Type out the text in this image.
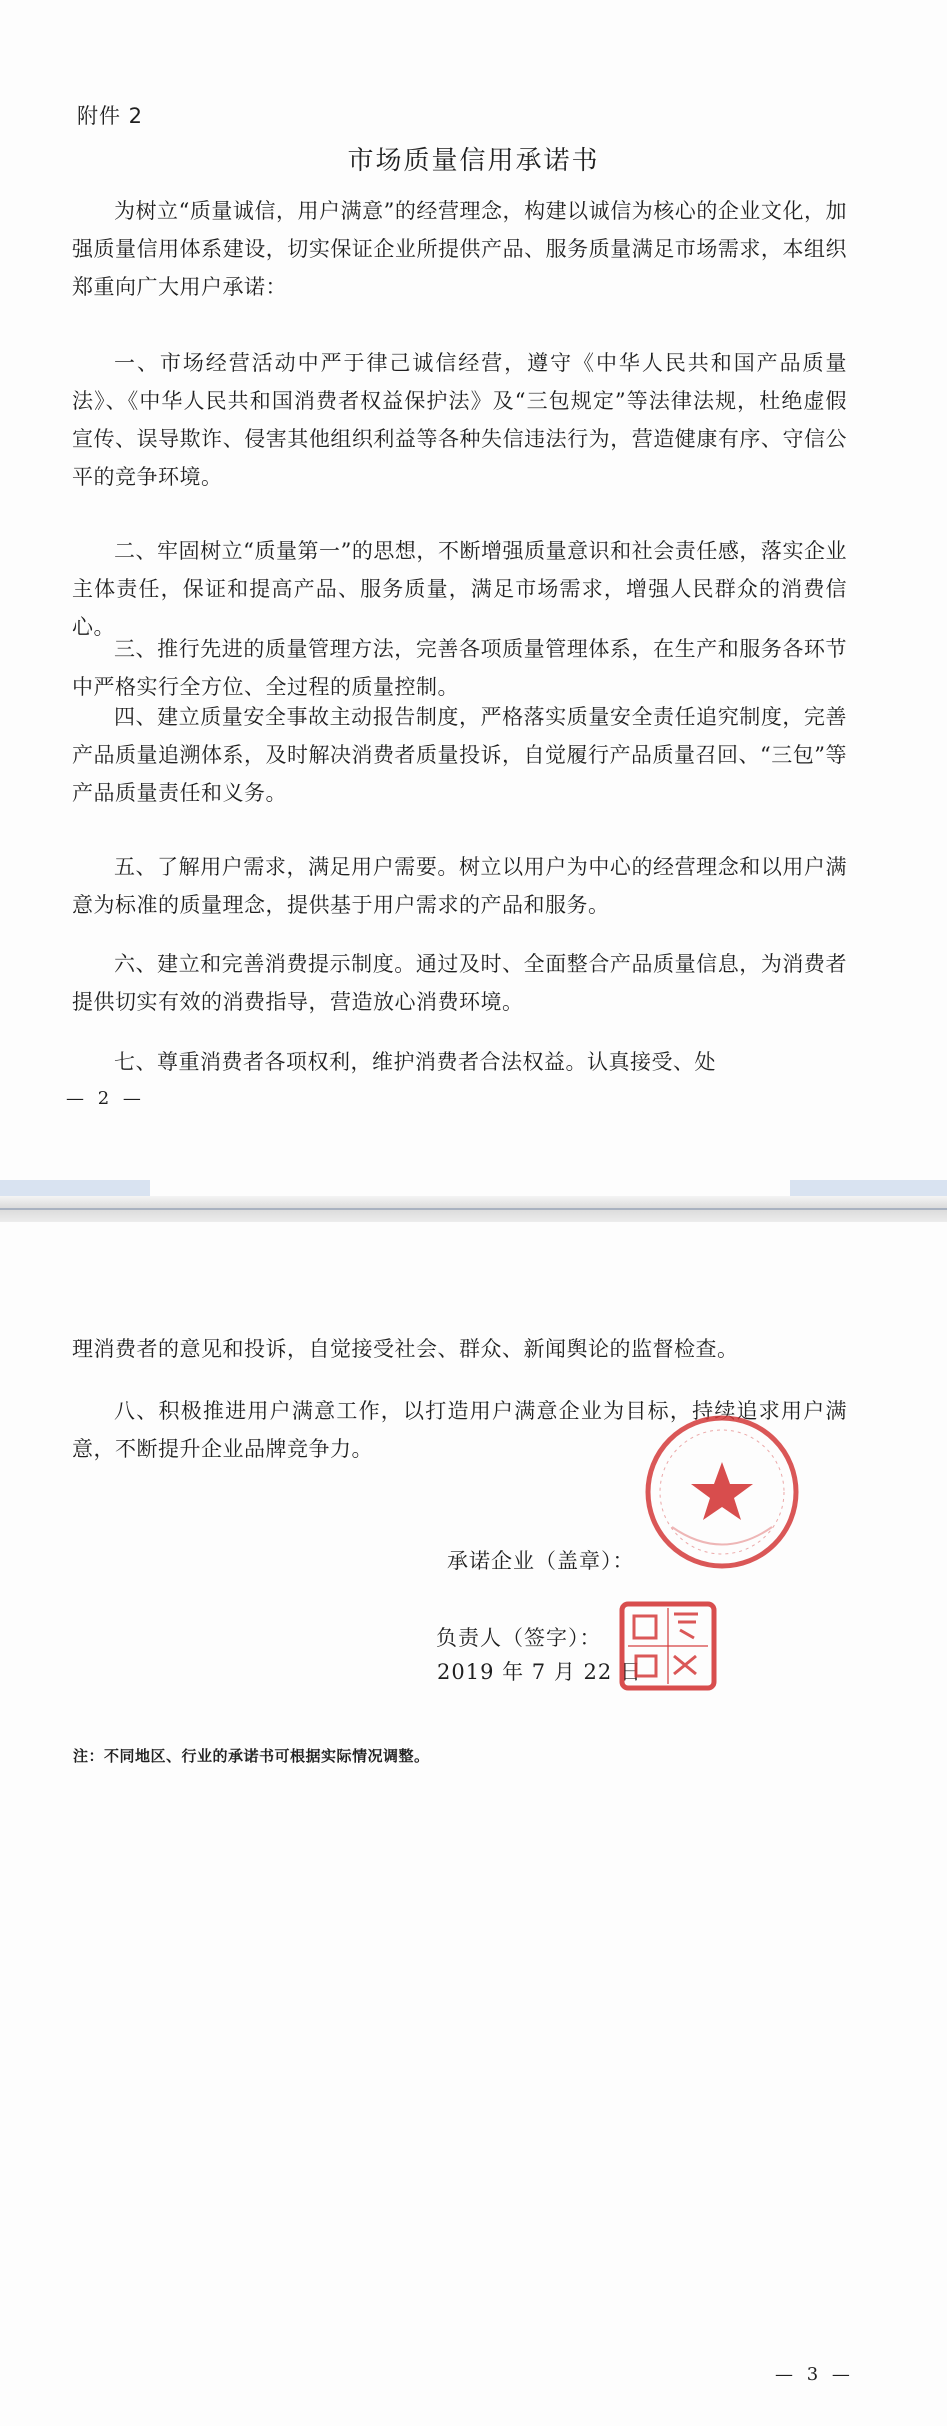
附件 2
市场质量信用承诺书

为树立“质量诚信，用户满意”的经营理念，构建以诚信为核心的企业文化，加强质量信用体系建设，切实保证企业所提供产品、服务质量满足市场需求，本组织郑重向广大用户承诺：

一、市场经营活动中严于律己诚信经营，遵守《中华人民共和国产品质量法》、《中华人民共和国消费者权益保护法》及“三包规定”等法律法规，杜绝虚假宣传、误导欺诈、侵害其他组织利益等各种失信违法行为，营造健康有序、守信公平的竞争环境。

二、牢固树立“质量第一”的思想，不断增强质量意识和社会责任感，落实企业主体责任，保证和提高产品、服务质量，满足市场需求，增强人民群众的消费信心。

三、推行先进的质量管理方法，完善各项质量管理体系，在生产和服务各环节中严格实行全方位、全过程的质量控制。

四、建立质量安全事故主动报告制度，严格落实质量安全责任追究制度，完善产品质量追溯体系，及时解决消费者质量投诉，自觉履行产品质量召回、“三包”等产品质量责任和义务。

五、了解用户需求，满足用户需要。树立以用户为中心的经营理念和以用户满意为标准的质量理念，提供基于用户需求的产品和服务。

六、建立和完善消费提示制度。通过及时、全面整合产品质量信息，为消费者提供切实有效的消费指导，营造放心消费环境。

七、尊重消费者各项权利，维护消费者合法权益。认真接受、处

— 2 —

理消费者的意见和投诉，自觉接受社会、群众、新闻舆论的监督检查。

八、积极推进用户满意工作，以打造用户满意企业为目标，持续追求用户满意，不断提升企业品牌竞争力。

承诺企业（盖章）：
负责人（签字）：
2019 年 7 月 22 日
注：不同地区、行业的承诺书可根据实际情况调整。
— 3 —
